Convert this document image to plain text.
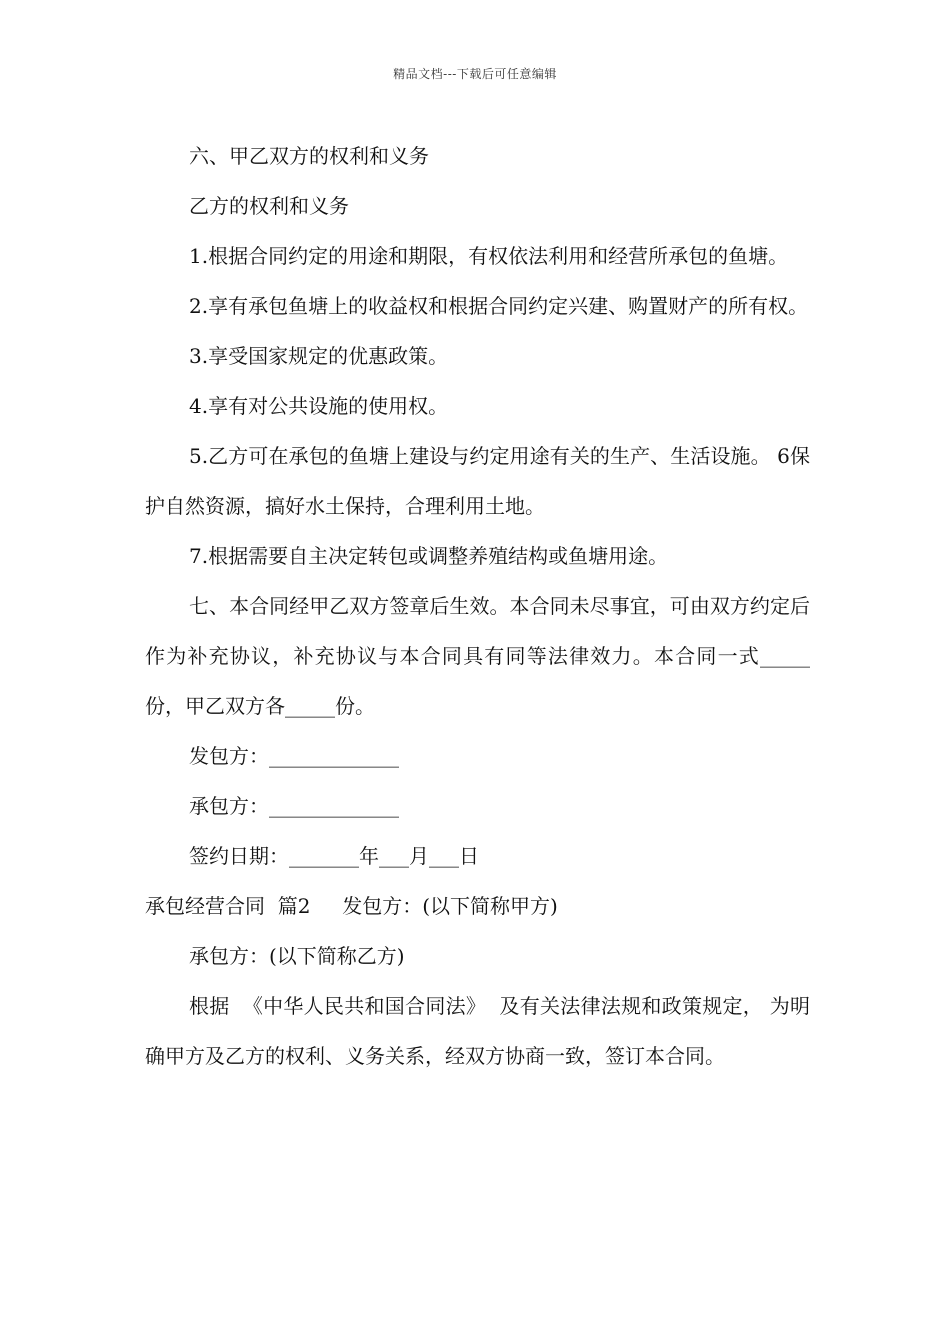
精品文档---下载后可任意编辑

六、甲乙双方的权利和义务

乙方的权利和义务

1.根据合同约定的用途和期限，有权依法利用和经营所承包的鱼塘。

2.享有承包鱼塘上的收益权和根据合同约定兴建、购置财产的所有权。

3.享受国家规定的优惠政策。

4.享有对公共设施的使用权。

5.乙方可在承包的鱼塘上建设与约定用途有关的生产、生活设施。 6保护自然资源，搞好水土保持，合理利用土地。

7.根据需要自主决定转包或调整养殖结构或鱼塘用途。

七、本合同经甲乙双方签章后生效。本合同未尽事宜，可由双方约定后作为补充协议，补充协议与本合同具有同等法律效力。本合同一式_____份，甲乙双方各_____份。

发包方：_____________

承包方：_____________

签约日期：_______年___月___日

承包经营合同  篇2     发包方：(以下简称甲方)

承包方：(以下简称乙方)

根据  《中华人民共和国合同法》  及有关法律法规和政策规定， 为明确甲方及乙方的权利、义务关系，经双方协商一致，签订本合同。
